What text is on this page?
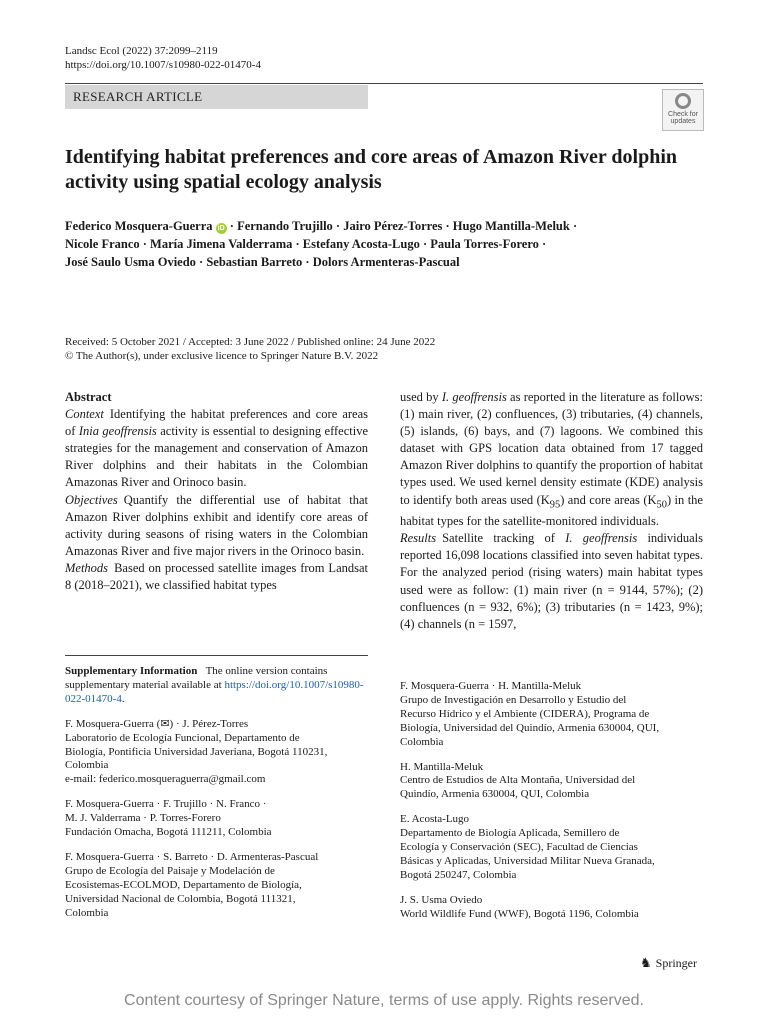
Landsc Ecol (2022) 37:2099–2119
https://doi.org/10.1007/s10980-022-01470-4
RESEARCH ARTICLE
Check for
updates
Identifying habitat preferences and core areas of Amazon River dolphin activity using spatial ecology analysis
Federico Mosquera-Guerra iD · Fernando Trujillo · Jairo Pérez-Torres · Hugo Mantilla-Meluk ·
Nicole Franco · María Jimena Valderrama · Estefany Acosta-Lugo · Paula Torres-Forero ·
José Saulo Usma Oviedo · Sebastian Barreto · Dolors Armenteras-Pascual
Received: 5 October 2021 / Accepted: 3 June 2022 / Published online: 24 June 2022
© The Author(s), under exclusive licence to Springer Nature B.V. 2022

Abstract

Context Identifying the habitat preferences and core areas of Inia geoffrensis activity is essential to designing effective strategies for the management and conservation of Amazon River dolphins and their habitats in the Colombian Amazonas River and Orinoco basin.

Objectives Quantify the differential use of habitat that Amazon River dolphins exhibit and identify core areas of activity during seasons of rising waters in the Colombian Amazonas River and five major rivers in the Orinoco basin.

Methods Based on processed satellite images from Landsat 8 (2018–2021), we classified habitat types

used by I. geoffrensis as reported in the literature as follows: (1) main river, (2) confluences, (3) tributaries, (4) channels, (5) islands, (6) bays, and (7) lagoons. We combined this dataset with GPS location data obtained from 17 tagged Amazon River dolphins to quantify the proportion of habitat types used. We used kernel density estimate (KDE) analysis to identify both areas used $(K_{95})$ and core areas $(K_{50})$ in the habitat types for the satellite-monitored individuals.

Results Satellite tracking of I. geoffrensis individuals reported 16,098 locations classified into seven habitat types. For the analyzed period (rising waters) main habitat types used were as follow: (1) main river (n = 9144, 57%); (2) confluences (n = 932, 6%); (3) tributaries (n = 1423, 9%); (4) channels (n = 1597,

Supplementary Information The online version contains supplementary material available at https://doi.org/10.1007/s10980-022-01470-4.

F. Mosquera-Guerra (✉) · J. Pérez-Torres
Laboratorio de Ecología Funcional, Departamento de
Biología, Pontificia Universidad Javeriana, Bogotá 110231,
Colombia
e-mail: federico.mosqueraguerra@gmail.com

F. Mosquera-Guerra · F. Trujillo · N. Franco ·
M. J. Valderrama · P. Torres-Forero
Fundación Omacha, Bogotá 111211, Colombia

F. Mosquera-Guerra · S. Barreto · D. Armenteras-Pascual
Grupo de Ecología del Paisaje y Modelación de
Ecosistemas-ECOLMOD, Departamento de Biología,
Universidad Nacional de Colombia, Bogotá 111321,
Colombia

F. Mosquera-Guerra · H. Mantilla-Meluk
Grupo de Investigación en Desarrollo y Estudio del
Recurso Hídrico y el Ambiente (CIDERA), Programa de
Biología, Universidad del Quindío, Armenia 630004, QUI,
Colombia

H. Mantilla-Meluk
Centro de Estudios de Alta Montaña, Universidad del
Quindío, Armenia 630004, QUI, Colombia

E. Acosta-Lugo
Departamento de Biología Aplicada, Semillero de
Ecología y Conservación (SEC), Facultad de Ciencias
Básicas y Aplicadas, Universidad Militar Nueva Granada,
Bogotá 250247, Colombia

J. S. Usma Oviedo
World Wildlife Fund (WWF), Bogotá 1196, Colombia

♞ Springer
Content courtesy of Springer Nature, terms of use apply. Rights reserved.
